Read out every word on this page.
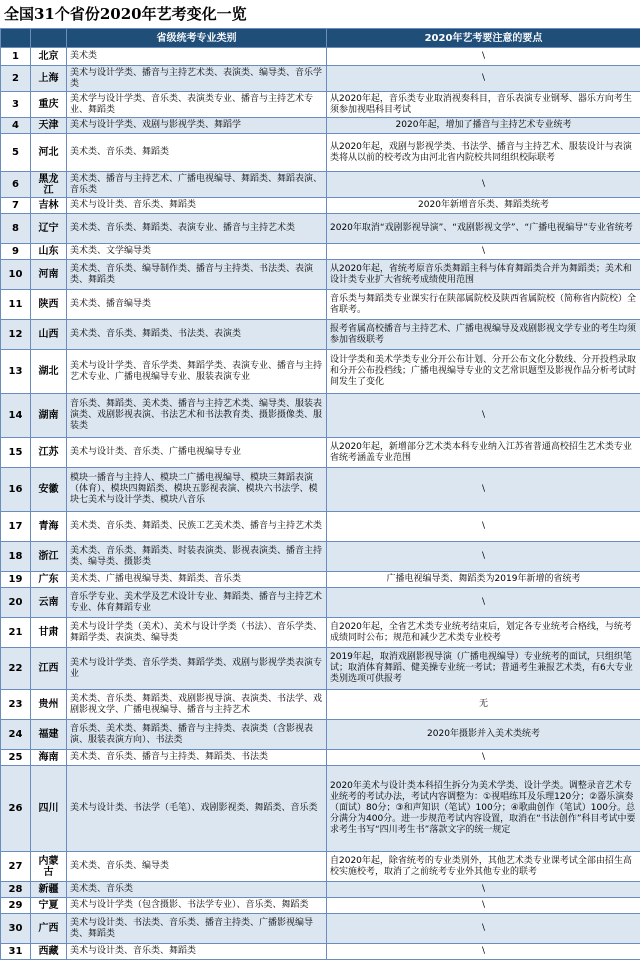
全国31个省份2020年艺考变化一览
		省级统考专业类别	2020年艺考要注意的要点
1	北京	美术类	\
2	上海	美术与设计学类、播音与主持艺术类、表演类、编导类、音乐学类	\
3	重庆	美术学与设计学类、音乐类、表演类专业、播音与主持艺术专业、舞蹈类	从2020年起，音乐类专业取消视奏科目，音乐表演专业钢琴、器乐方向考生须参加视唱科目考试
4	天津	美术与设计学类、戏剧与影视学类、舞蹈学	2020年起，增加了播音与主持艺术专业统考
5	河北	美术类、音乐类、舞蹈类	从2020年起，戏剧与影视学类、书法学、播音与主持艺术、服装设计与表演类将从以前的校考改为由河北省内院校共同组织校际联考
6	黑龙江	美术类、播音与主持艺术、广播电视编导、舞蹈类、舞蹈表演、音乐类	\
7	吉林	美术与设计类、音乐类、舞蹈类	2020年新增音乐类、舞蹈类统考
8	辽宁	美术类、音乐类、舞蹈类、表演专业、播音与主持艺术类	2020年取消“戏剧影视导演”、“戏剧影视文学”、“广播电视编导”专业省统考
9	山东	美术类、文学编导类	\
10	河南	美术类、音乐类、编导制作类、播音与主持类、书法类、表演类、舞蹈类	从2020年起，省统考原音乐类舞蹈主科与体育舞蹈类合并为舞蹈类；美术和设计类专业扩大省统考成绩使用范围
11	陕西	美术类、播音编导类	音乐类与舞蹈类专业课实行在陕部属院校及陕西省属院校（简称省内院校）全省联考。
12	山西	美术类、音乐类、舞蹈类、书法类、表演类	报考省属高校播音与主持艺术、广播电视编导及戏剧影视文学专业的考生均须参加省级联考
13	湖北	美术与设计学类、音乐学类、舞蹈学类、表演专业、播音与主持艺术专业、广播电视编导专业、服装表演专业	设计学类和美术学类专业分开公布计划、分开公布文化分数线、分开投档录取和分开公布投档线；广播电视编导专业的文艺常识题型及影视作品分析考试时间发生了变化
14	湖南	音乐类、舞蹈类、美术类、播音与主持艺术类、编导类、服装表演类、戏剧影视表演、书法艺术和书法教育类、摄影摄像类、服装类	\
15	江苏	美术与设计类、音乐类、广播电视编导专业	从2020年起，新增部分艺术类本科专业纳入江苏省普通高校招生艺术类专业省统考涵盖专业范围
16	安徽	模块一播音与主持人、模块二广播电视编导、模块三舞蹈表演（体育）、模块四舞蹈类、模块五影视表演、模块六书法学、模块七美术与设计学类、模块八音乐	\
17	青海	美术类、音乐类、舞蹈类、民族工艺美术类、播音与主持艺术类	\
18	浙江	美术类、音乐类、舞蹈类、时装表演类、影视表演类、播音主持类、编导类、摄影类	\
19	广东	美术类、广播电视编导类、舞蹈类、音乐类	广播电视编导类、舞蹈类为2019年新增的省统考
20	云南	音乐学专业、美术学及艺术设计专业、舞蹈类、播音与主持艺术专业、体育舞蹈专业	\
21	甘肃	美术与设计学类（美术）、美术与设计学类（书法）、音乐学类、舞蹈学类、表演类、编导类	自2020年起，全省艺术类专业统考结束后，划定各专业统考合格线，与统考成绩同时公布；规范和减少艺术类专业校考
22	江西	美术与设计学类、音乐学类、舞蹈学类、戏剧与影视学类表演专业	2019年起，取消戏剧影视导演（广播电视编导）专业统考的面试，只组织笔试；取消体育舞蹈、健美操专业统一考试；普通考生兼报艺术类，有6大专业类别选项可供报考
23	贵州	美术类、音乐类、舞蹈类、戏剧影视导演、表演类、书法学、戏剧影视文学、广播电视编导、播音与主持艺术	无
24	福建	音乐类、美术类、舞蹈类、播音与主持类、表演类（含影视表演、服装表演方向）、书法类	2020年摄影并入美术类统考
25	海南	美术类、音乐类、播音与主持类、舞蹈类、书法类	\
26	四川	美术与设计类、书法学（毛笔）、戏剧影视类、舞蹈类、音乐类	2020年美术与设计类本科招生拆分为美术学类、设计学类。调整录音艺术专业统考的考试办法，考试内容调整为：①视唱练耳及乐理120分；②器乐演奏（面试）80分；③和声知识（笔试）100分；④歌曲创作（笔试）100分。总分满分为400分。进一步规范考试内容设置，取消在“书法创作”科目考试中要求考生书写“四川考生书”落款文字的统一规定
27	内蒙古	美术类、音乐类、编导类	自2020年起，除省统考的专业类别外，其他艺术类专业课考试全部由招生高校实施校考，取消了之前统考专业外其他专业的联考
28	新疆	美术类、音乐类	\
29	宁夏	美术与设计学类（包含摄影、书法学专业）、音乐类、舞蹈类	\
30	广西	美术与设计类、书法类、音乐类、播音主持类、广播影视编导类、舞蹈类	\
31	西藏	美术与设计类、音乐类、舞蹈类	\
